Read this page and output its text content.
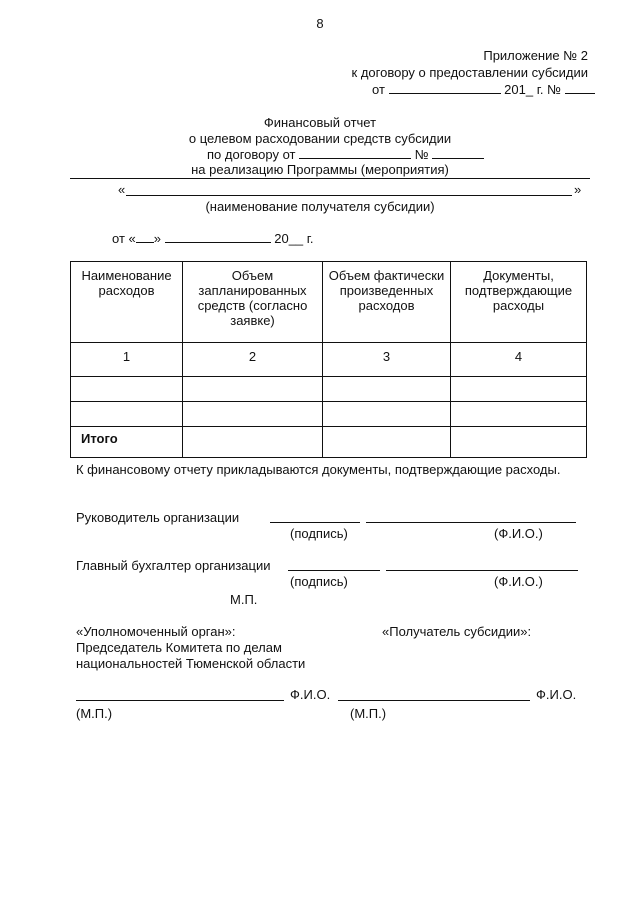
8
Приложение № 2
к договору о предоставлении субсидии
от	201_ г. №
Финансовый отчет
о целевом расходовании средств субсидии
по договору от	№
на реализацию Программы (мероприятия)
«	»
(наименование получателя субсидии)
от « »	20__ г.
Наименование расходов	Объем запланированных средств (согласно заявке)	Объем фактически произведенных расходов	Документы, подтверждающие расходы
1	2	3	4

Итого			
К финансовому отчету прикладываются документы, подтверждающие расходы.
Руководитель организации
(подпись)	(Ф.И.О.)
Главный бухгалтер организации
(подпись)	(Ф.И.О.)
М.П.
«Уполномоченный орган»:
Председатель Комитета по делам
национальностей Тюменской области
«Получатель субсидии»:
Ф.И.О.	Ф.И.О.
(М.П.)	(М.П.)
